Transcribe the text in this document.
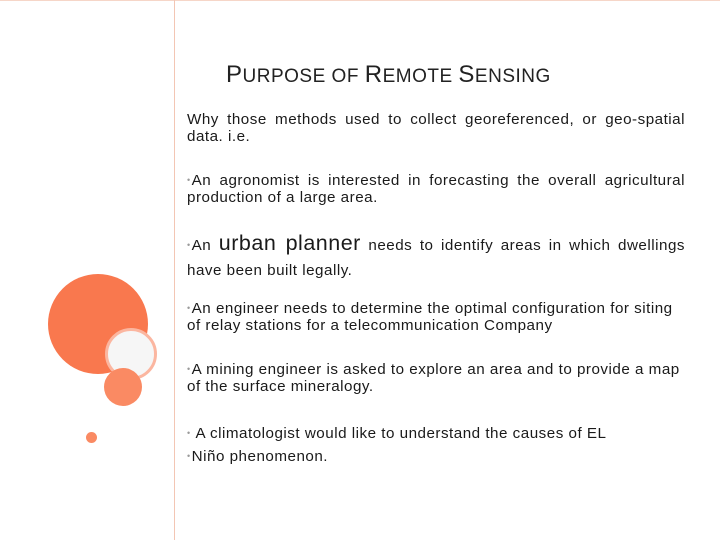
PURPOSE OF REMOTE SENSING
Why those methods used to collect georeferenced, or geo-spatial data. i.e.
•An agronomist is interested in forecasting the overall agricultural production of a large area.
•An urban planner needs to identify areas in which dwellings have been built legally.
•An engineer needs to determine the optimal configuration for siting of relay stations for a telecommunication Company
•A mining engineer is asked to explore an area and to provide a map of the surface mineralogy.
• A climatologist would like to understand the causes of EL
•Niño phenomenon.
